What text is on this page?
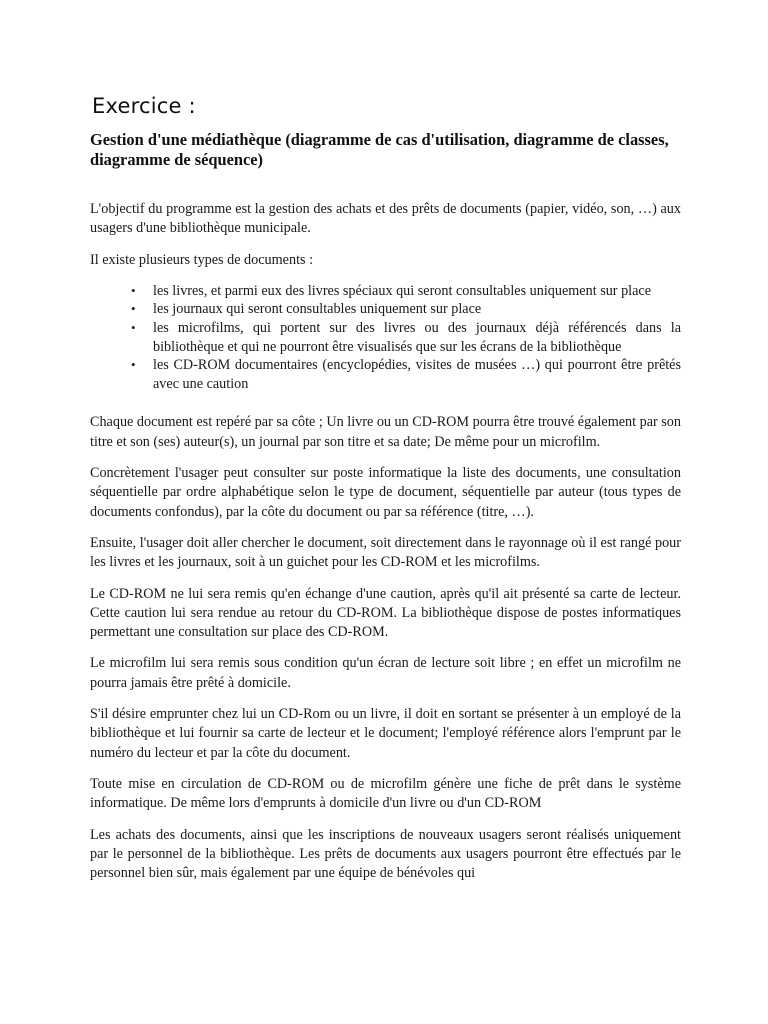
Exercice :
Gestion d'une médiathèque (diagramme de cas d'utilisation, diagramme de classes, diagramme de séquence)

L'objectif du programme est la gestion des achats et des prêts de documents (papier, vidéo, son, …) aux usagers d'une bibliothèque municipale.

Il existe plusieurs types de documents :

• les livres, et parmi eux des livres spéciaux qui seront consultables uniquement sur place
• les journaux qui seront consultables uniquement sur place
• les microfilms, qui portent sur des livres ou des journaux déjà référencés dans la bibliothèque et qui ne pourront être visualisés que sur les écrans de la bibliothèque
• les CD-ROM documentaires (encyclopédies, visites de musées …) qui pourront être prêtés avec une caution

Chaque document est repéré par sa côte ; Un livre ou un CD-ROM pourra être trouvé également par son titre et son (ses) auteur(s), un journal par son titre et sa date; De même pour un microfilm.

Concrètement l'usager peut consulter sur poste informatique la liste des documents, une consultation séquentielle par ordre alphabétique selon le type de document, séquentielle par auteur (tous types de documents confondus), par la côte du document ou par sa référence (titre, …).

Ensuite, l'usager doit aller chercher le document, soit directement dans le rayonnage où il est rangé pour les livres et les journaux, soit à un guichet pour les CD-ROM et les microfilms.

Le CD-ROM ne lui sera remis qu'en échange d'une caution, après qu'il ait présenté sa carte de lecteur. Cette caution lui sera rendue au retour du CD-ROM. La bibliothèque dispose de postes informatiques permettant une consultation sur place des CD-ROM.

Le microfilm lui sera remis sous condition qu'un écran de lecture soit libre ; en effet un microfilm ne pourra jamais être prêté à domicile.

S'il désire emprunter chez lui un CD-Rom ou un livre, il doit en sortant se présenter à un employé de la bibliothèque et lui fournir sa carte de lecteur et le document; l'employé référence alors l'emprunt par le numéro du lecteur et par la côte du document.

Toute mise en circulation de CD-ROM ou de microfilm génère une fiche de prêt dans le système informatique. De même lors d'emprunts à domicile d'un livre ou d'un CD-ROM

Les achats des documents, ainsi que les inscriptions de nouveaux usagers seront réalisés uniquement par le personnel de la bibliothèque. Les prêts de documents aux usagers pourront être effectués par le personnel bien sûr, mais également par une équipe de bénévoles qui
